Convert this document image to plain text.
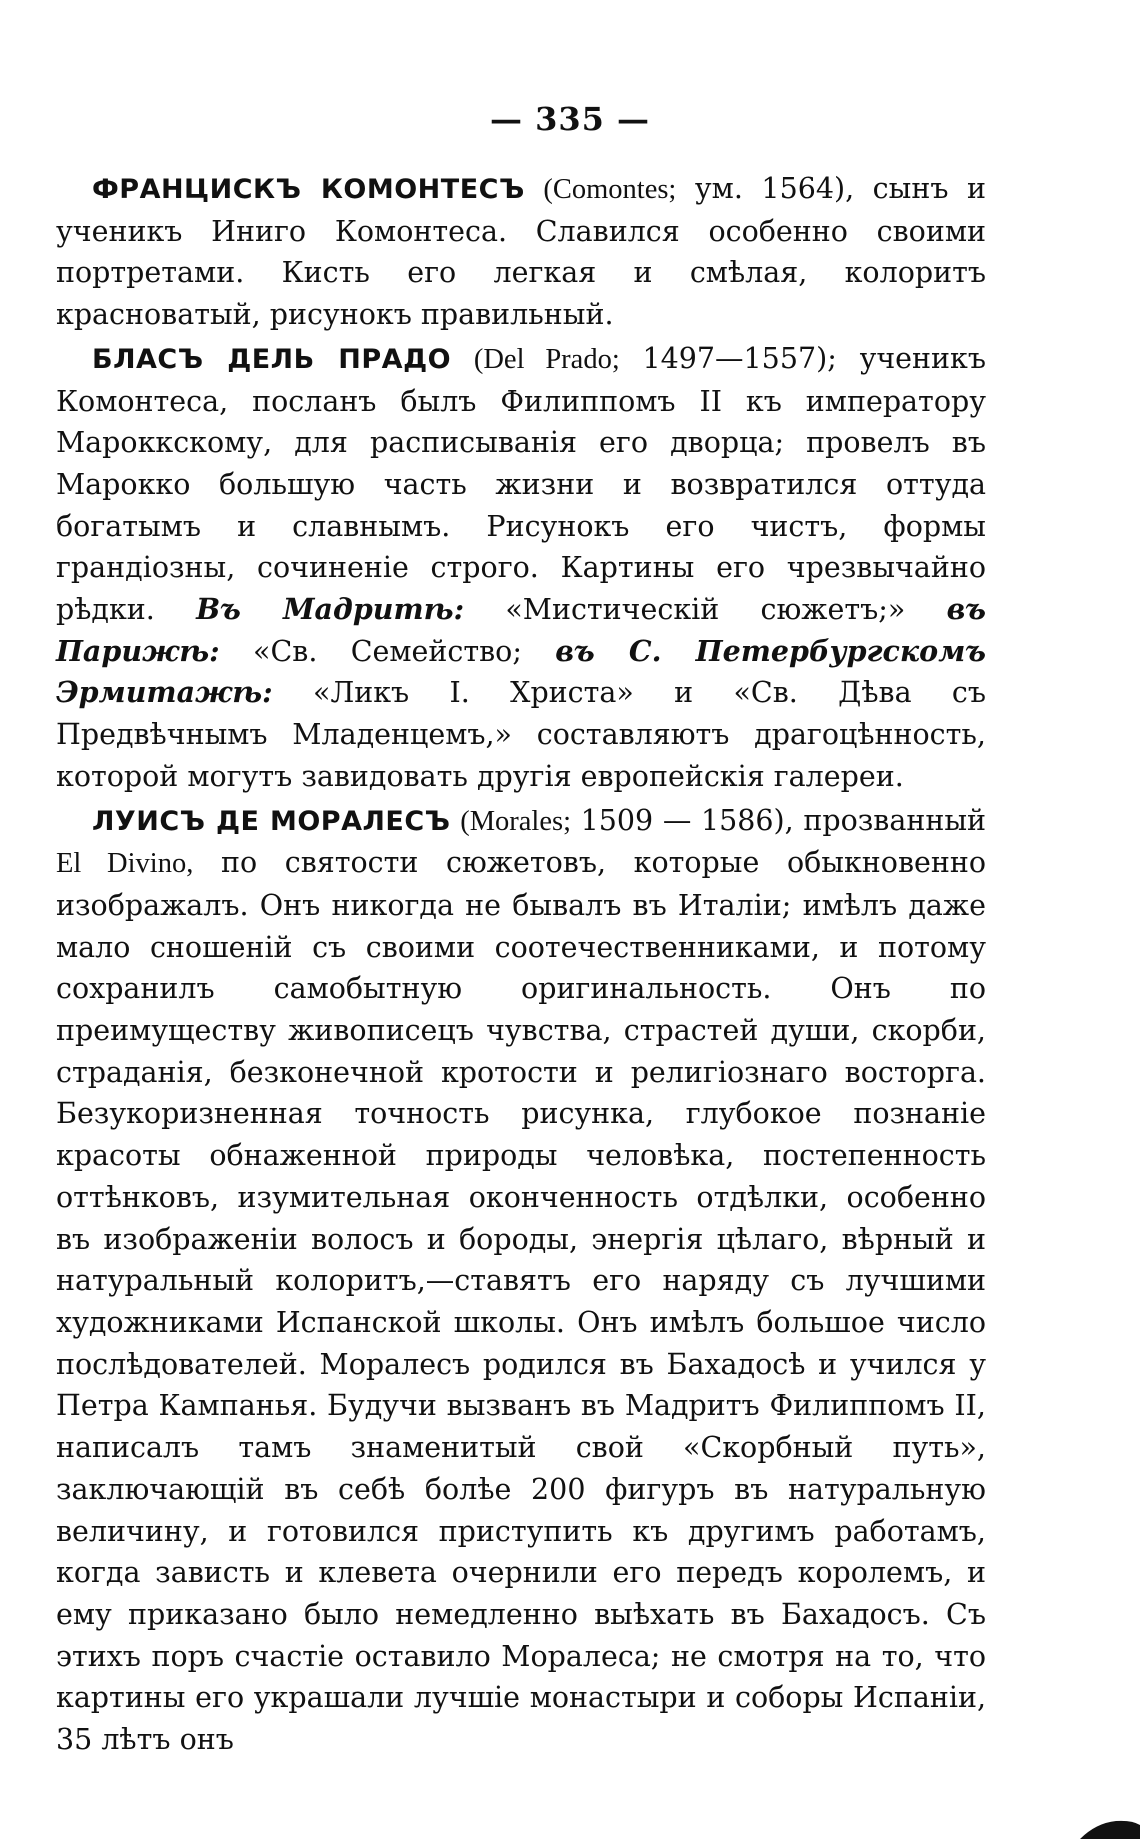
— 335 —

ФРАНЦИСКЪ КОМОНТЕСЪ (Comontes; ум. 1564), сынъ и ученикъ Иниго Комонтеса. Славился особенно своими портретами. Кисть его легкая и смѣлая, колоритъ красноватый, рисунокъ правильный.

БЛАСЪ ДЕЛЬ ПРАДО (Del Prado; 1497—1557); ученикъ Комонтеса, посланъ былъ Филиппомъ II къ императору Мароккскому, для расписыванія его дворца; провелъ въ Марокко большую часть жизни и возвратился оттуда богатымъ и славнымъ. Рисунокъ его чистъ, формы грандіозны, сочиненіе строго. Картины его чрезвычайно рѣдки. Въ Мадритѣ: «Мистическій сюжетъ;» въ Парижѣ: «Св. Семейство; въ С. Петербургскомъ Эрмитажѣ: «Ликъ I. Христа» и «Св. Дѣва съ Предвѣчнымъ Младенцемъ,» составляютъ драгоцѣнность, которой могутъ завидовать другія европейскія галереи.

ЛУИСЪ ДЕ МОРАЛЕСЪ (Morales; 1509 — 1586), прозванный El Divino, по святости сюжетовъ, которые обыкновенно изображалъ. Онъ никогда не бывалъ въ Италіи; имѣлъ даже мало сношеній съ своими соотечественниками, и потому сохранилъ самобытную оригинальность. Онъ по преимуществу живописецъ чувства, страстей души, скорби, страданія, безконечной кротости и религіознаго восторга. Безукоризненная точность рисунка, глубокое познаніе красоты обнаженной природы человѣка, постепенность оттѣнковъ, изумительная оконченность отдѣлки, особенно въ изображеніи волосъ и бороды, энергія цѣлаго, вѣрный и натуральный колоритъ,—ставятъ его наряду съ лучшими художниками Испанской школы. Онъ имѣлъ большое число послѣдователей. Моралесъ родился въ Бахадосѣ и учился у Петра Кампанья. Будучи вызванъ въ Мадритъ Филиппомъ II, написалъ тамъ знаменитый свой «Скорбный путь», заключающій въ себѣ болѣе 200 фигуръ въ натуральную величину, и готовился приступить къ другимъ работамъ, когда зависть и клевета очернили его передъ королемъ, и ему приказано было немедленно выѣхать въ Бахадосъ. Съ этихъ поръ счастіе оставило Моралеса; не смотря на то, что картины его украшали лучшіе монастыри и соборы Испаніи, 35 лѣтъ онъ
